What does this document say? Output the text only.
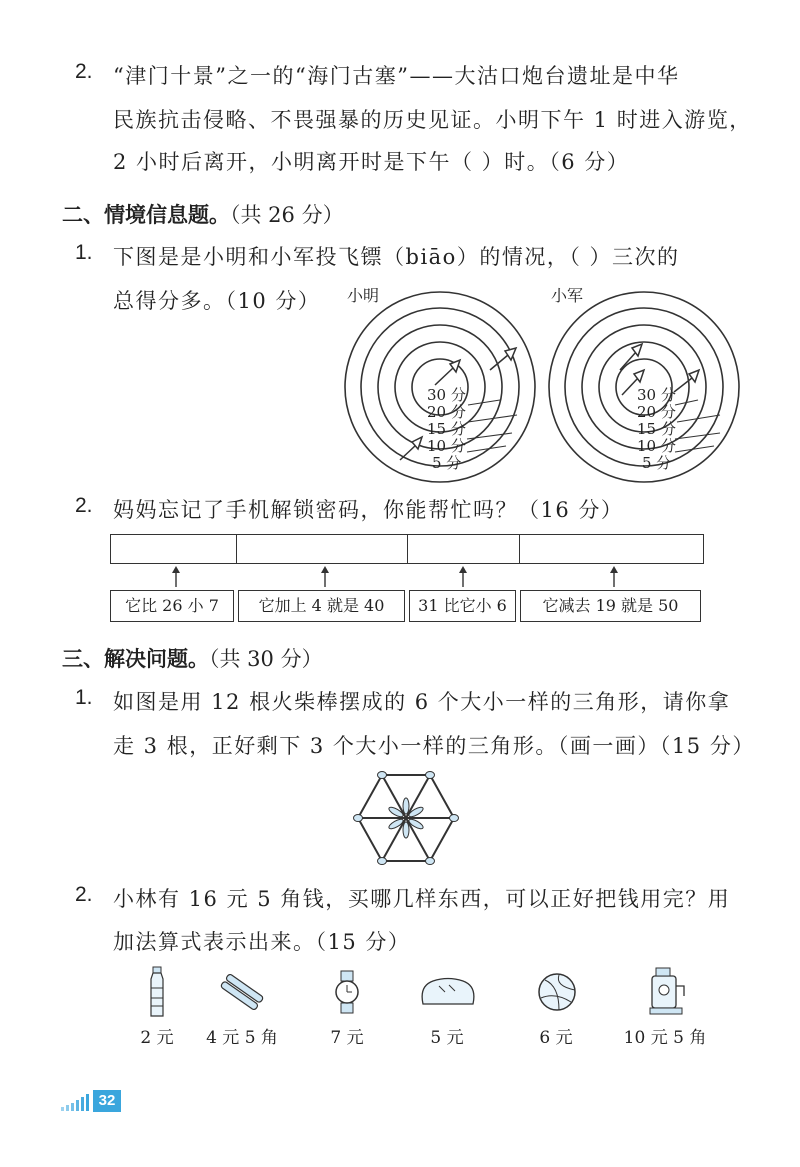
2. “津门十景”之一的“海门古塞”——大沽口炮台遗址是中华
民族抗击侵略、不畏强暴的历史见证。小明下午 1 时进入游览，
2 小时后离开，小明离开时是下午（ ）时。（6 分）
二、情境信息题。（共 26 分）
1. 下图是是小明和小军投飞镖（biāo）的情况，（ ）三次的
总得分多。（10 分） 小明	小军
30 分
20 分
15 分
10 分
5 分
30 分
20 分
15 分
10 分
5 分
2. 妈妈忘记了手机解锁密码，你能帮忙吗？（16 分）
它比 26 小 7	它加上 4 就是 40	31 比它小 6	它减去 19 就是 50
三、解决问题。（共 30 分）
1. 如图是用 12 根火柴棒摆成的 6 个大小一样的三角形，请你拿
走 3 根，正好剩下 3 个大小一样的三角形。（画一画）（15 分）
2. 小林有 16 元 5 角钱，买哪几样东西，可以正好把钱用完？用
加法算式表示出来。（15 分）
2 元	4 元 5 角	7 元	5 元	6 元	10 元 5 角
32
